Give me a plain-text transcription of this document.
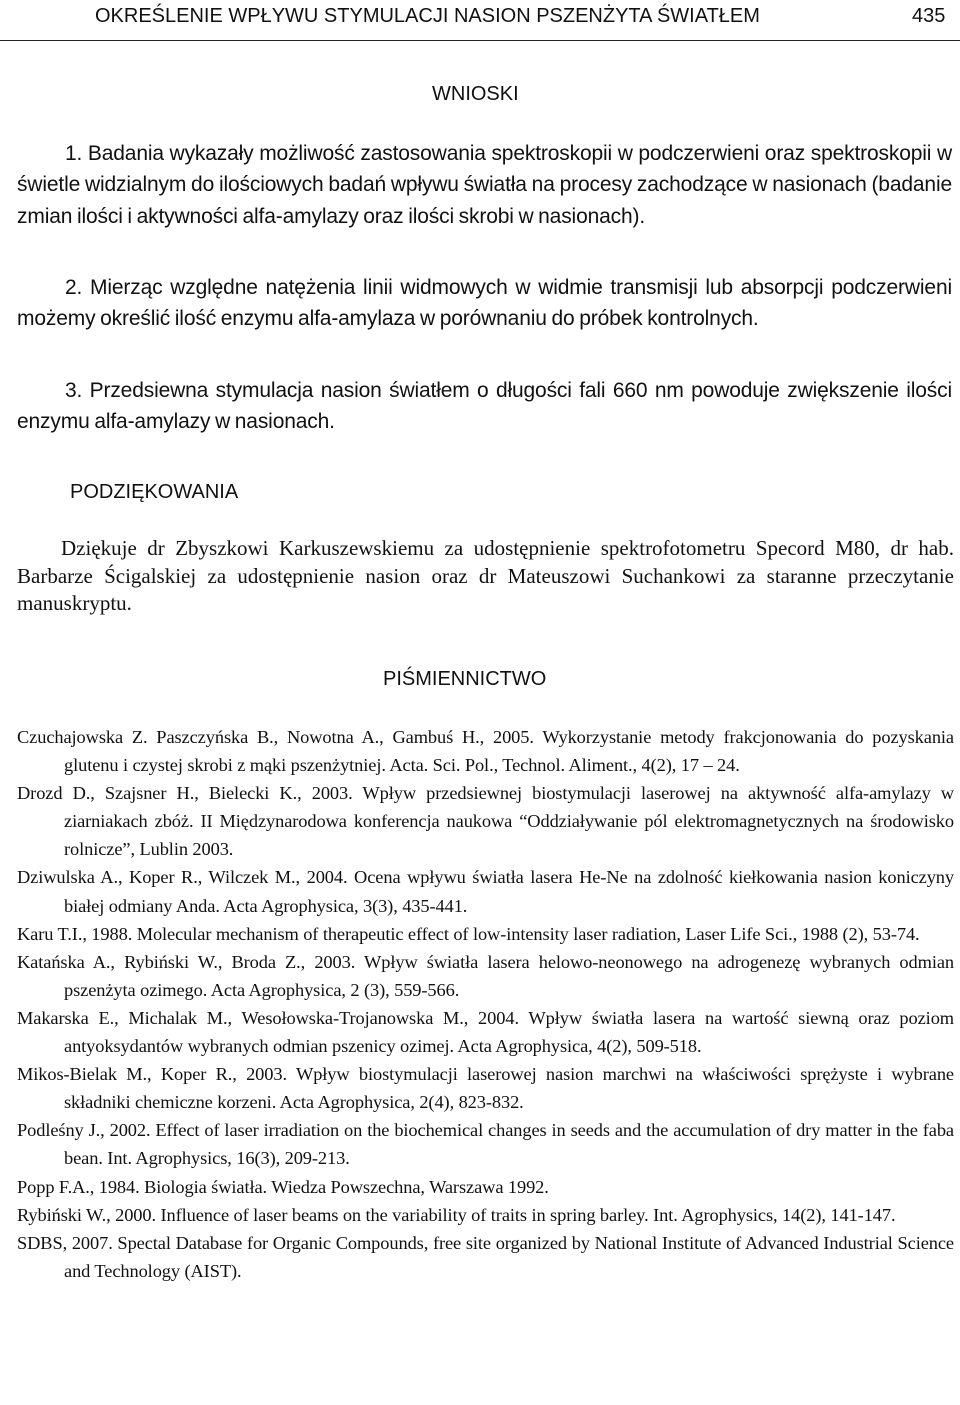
OKREŚLENIE WPŁYWU STYMULACJI NASION PSZENŻYTA ŚWIATŁEM	435
WNIOSKI

1. Badania wykazały możliwość zastosowania spektroskopii w podczerwieni oraz spektroskopii w świetle widzialnym do ilościowych badań wpływu światła na procesy zachodzące w nasionach (badanie zmian ilości i aktywności alfa-amylazy oraz ilości skrobi w nasionach).

2. Mierząc względne natężenia linii widmowych w widmie transmisji lub absorpcji podczerwieni możemy określić ilość enzymu alfa-amylaza w porównaniu do próbek kontrolnych.

3. Przedsiewna stymulacja nasion światłem o długości fali 660 nm powoduje zwiększenie ilości enzymu alfa-amylazy w nasionach.

PODZIĘKOWANIA

Dziękuje dr Zbyszkowi Karkuszewskiemu za udostępnienie spektrofotometru Specord M80, dr hab. Barbarze Ścigalskiej za udostępnienie nasion oraz dr Mateuszowi Suchankowi za staranne przeczytanie manuskryptu.

PIŚMIENNICTWO

Czuchajowska Z. Paszczyńska B., Nowotna A., Gambuś H., 2005. Wykorzystanie metody frakcjonowania do pozyskania glutenu i czystej skrobi z mąki pszenżytniej. Acta. Sci. Pol., Technol. Aliment., 4(2), 17 – 24.

Drozd D., Szajsner H., Bielecki K., 2003. Wpływ przedsiewnej biostymulacji laserowej na aktywność alfa-amylazy w ziarniakach zbóż. II Międzynarodowa konferencja naukowa “Oddziaływanie pól elektromagnetycznych na środowisko rolnicze”, Lublin 2003.

Dziwulska A., Koper R., Wilczek M., 2004. Ocena wpływu światła lasera He-Ne na zdolność kiełkowania nasion koniczyny białej odmiany Anda. Acta Agrophysica, 3(3), 435-441.

Karu T.I., 1988. Molecular mechanism of therapeutic effect of low-intensity laser radiation, Laser Life Sci., 1988 (2), 53-74.

Katańska A., Rybiński W., Broda Z., 2003. Wpływ światła lasera helowo-neonowego na adrogenezę wybranych odmian pszenżyta ozimego. Acta Agrophysica, 2 (3), 559-566.

Makarska E., Michalak M., Wesołowska-Trojanowska M., 2004. Wpływ światła lasera na wartość siewną oraz poziom antyoksydantów wybranych odmian pszenicy ozimej. Acta Agrophysica, 4(2), 509-518.

Mikos-Bielak M., Koper R., 2003. Wpływ biostymulacji laserowej nasion marchwi na właściwości sprężyste i wybrane składniki chemiczne korzeni. Acta Agrophysica, 2(4), 823-832.

Podleśny J., 2002. Effect of laser irradiation on the biochemical changes in seeds and the accumulation of dry matter in the faba bean. Int. Agrophysics, 16(3), 209-213.

Popp F.A., 1984. Biologia światła. Wiedza Powszechna, Warszawa 1992.

Rybiński W., 2000. Influence of laser beams on the variability of traits in spring barley. Int. Agrophysics, 14(2), 141-147.

SDBS, 2007. Spectal Database for Organic Compounds, free site organized by National Institute of Advanced Industrial Science and Technology (AIST).
